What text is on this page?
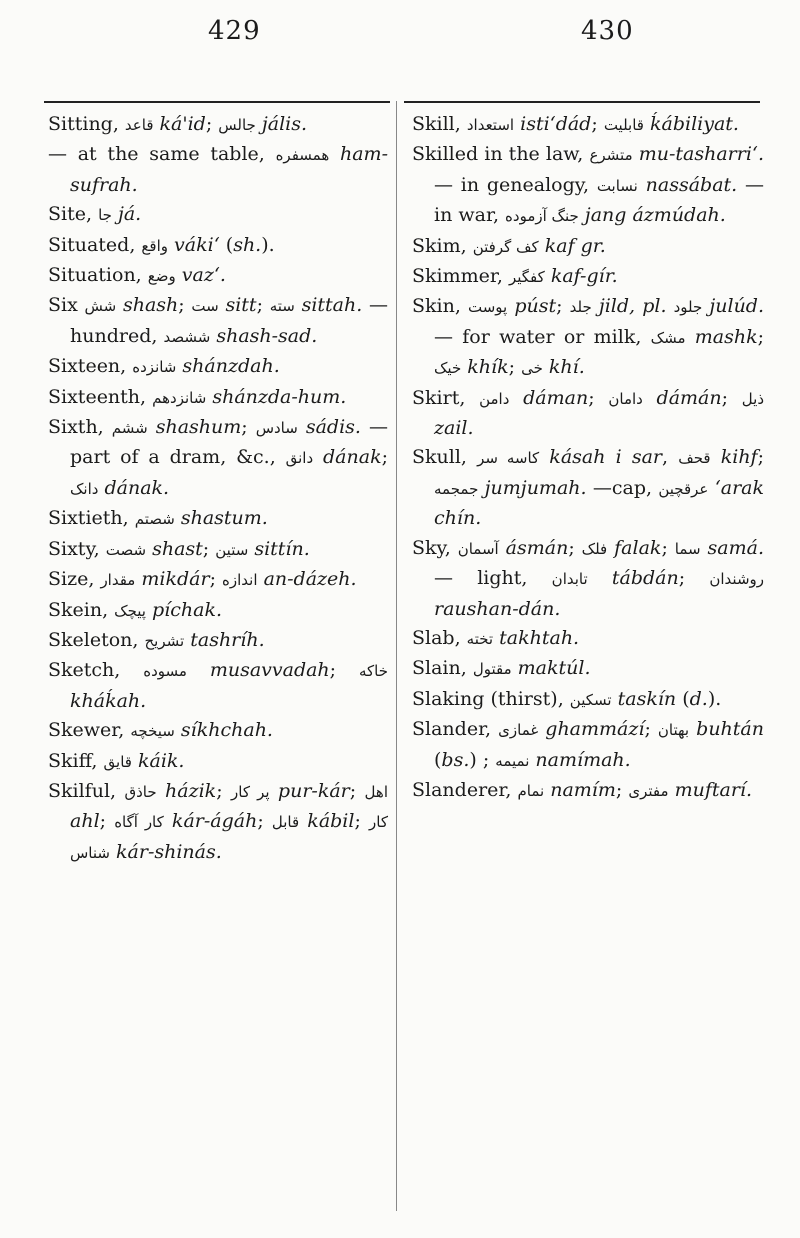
429	430

Sitting, قاعد ká'id; جالس jális.

— at the same table, همسفره ham-sufrah.

Site, جا já.

Situated, واقع vákiʻ (sh.).

Situation, وضع vazʻ.

Six شش shash; ست sitt; سته sittah. — hundred, ششصد shash-sad.

Sixteen, شانزده shánzdah.

Sixteenth, شانزدهم shánzda-hum.

Sixth, ششم shashum; سادس sádis. — part of a dram, &c., دانق dának; دانک dának.

Sixtieth, شصتم shastum.

Sixty, شصت shast; ستين sittín.

Size, مقدار mikdár; اندازه an-dázeh.

Skein, پيچک píchak.

Skeleton, تشريح tashríh.

Sketch, مسوده musavvadah; خاکه kháḱah.

Skewer, سيخچه síkhchah.

Skiff, قايق káik.

Skilful, حاذق házik; پر کار pur-kár; اهل ahl; کار آگاه kár-ágáh; قابل kábil; کار شناس kár-shinás.

Skill, استعداد istiʻdád; قابليت ḱábiliyat.

Skilled in the law, متشرع mu-tasharriʻ. — in genealogy, نسابت nassábat. — in war, جنگ آزموده jang ázmúdah.

Skim, کف گرفتن kaf gr.

Skimmer, کفگير kaf-gír.

Skin, پوست púst; جلد jild, pl. جلود julúd. — for water or milk, مشک mashk; خيک khík; خی khí.

Skirt, دامن dáman; دامان dámán; ذيل zail.

Skull, کاسه سر kásah i sar, قحف kihf; جمجمه jumjumah. —cap, عرقچين ʻarak chín.

Sky, آسمان ásmán; فلک falak; سما samá. — light, تابدان tábdán; روشندان raushan-dán.

Slab, تخته takhtah.

Slain, مقتول maktúl.

Slaking (thirst), تسکين taskín (d.).

Slander, غمازی ghammází; بهتان buhtán (bs.) ; نميمه namímah.

Slanderer, نمام namím; مفتری muftarí.
